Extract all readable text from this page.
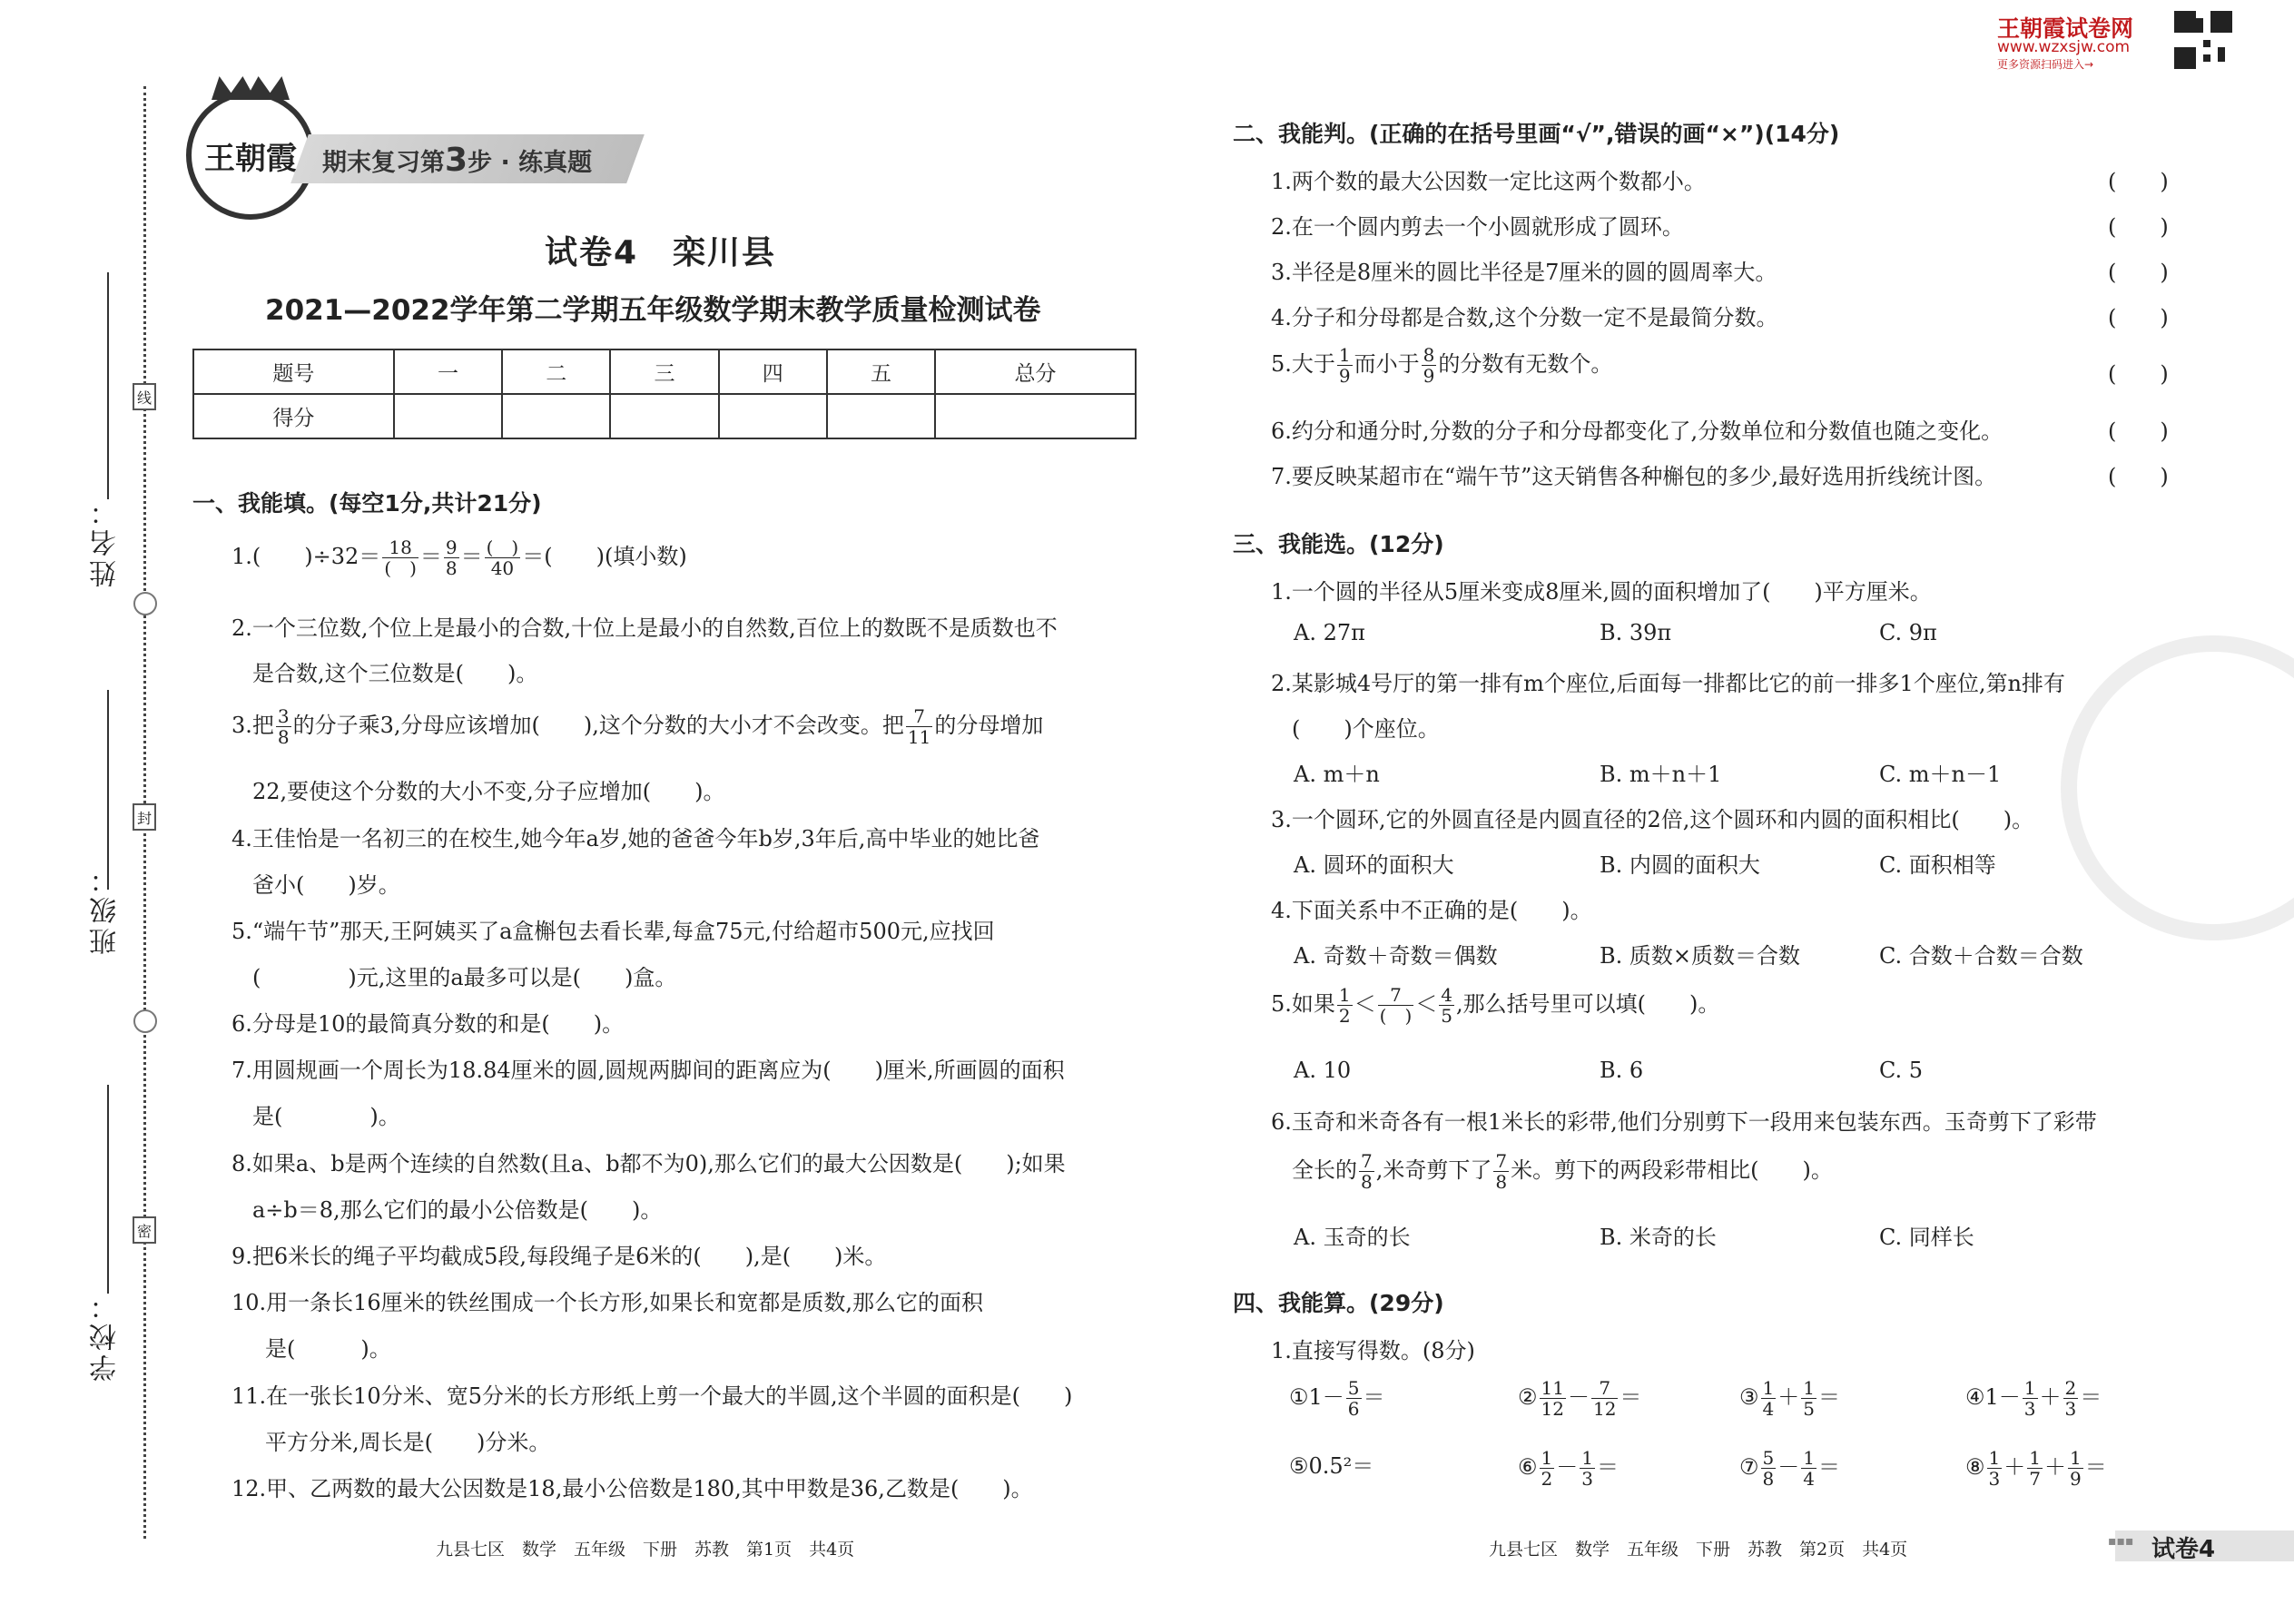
姓名：
班级：
学校：
线
封
密
王朝霞 期末复习第3步 · 练真题
王朝霞试卷网
www.wzxsjw.com
更多资源扫码进入→
试卷4　栾川县
2021—2022学年第二学期五年级数学期末教学质量检测试卷
题号	一	二	三	四	五	总分
得分						
一、我能填。(每空1分,共计21分)
1.(　　)$\div 32= \frac{18}{( )} = \frac{9}{8} = \frac{( )}{40}$ ＝(　　)(填小数)
2.一个三位数,个位上是最小的合数,十位上是最小的自然数,百位上的数既不是质数也不
是合数,这个三位数是(　　)。
3.把 $\frac{3}{8}$ 的分子乘3,分母应该增加(　　),这个分数的大小才不会改变。把 $\frac{7}{11}$ 的分母增加
22,要使这个分数的大小不变,分子应增加(　　)。
4.王佳怡是一名初三的在校生,她今年a岁,她的爸爸今年b岁,3年后,高中毕业的她比爸
爸小(　　)岁。
5.“端午节”那天,王阿姨买了a盒槲包去看长辈,每盒75元,付给超市500元,应找回
(　　　　)元,这里的a最多可以是(　　)盒。
6.分母是10的最简真分数的和是(　　)。
7.用圆规画一个周长为18.84厘米的圆,圆规两脚间的距离应为(　　)厘米,所画圆的面积
是(　　　　)。
8.如果a、b是两个连续的自然数(且a、b都不为0),那么它们的最大公因数是(　　);如果
a÷b＝8,那么它们的最小公倍数是(　　)。
9.把6米长的绳子平均截成5段,每段绳子是6米的(　　),是(　　)米。
10.用一条长16厘米的铁丝围成一个长方形,如果长和宽都是质数,那么它的面积
是(　　　)。
11.在一张长10分米、宽5分米的长方形纸上剪一个最大的半圆,这个半圆的面积是(　　)
平方分米,周长是(　　)分米。
12.甲、乙两数的最大公因数是18,最小公倍数是180,其中甲数是36,乙数是(　　)。
九县七区　数学　五年级　下册　苏教　第1页　共4页
二、我能判。(正确的在括号里画“√”,错误的画“×”)(14分)
1.两个数的最大公因数一定比这两个数都小。	(　　)
2.在一个圆内剪去一个小圆就形成了圆环。	(　　)
3.半径是8厘米的圆比半径是7厘米的圆的圆周率大。	(　　)
4.分子和分母都是合数,这个分数一定不是最简分数。	(　　)
5.大于 $\frac{1}{9}$ 而小于 $\frac{8}{9}$ 的分数有无数个。	(　　)
6.约分和通分时,分数的分子和分母都变化了,分数单位和分数值也随之变化。	(　　)
7.要反映某超市在“端午节”这天销售各种槲包的多少,最好选用折线统计图。	(　　)
三、我能选。(12分)
1.一个圆的半径从5厘米变成8厘米,圆的面积增加了(　　)平方厘米。
A. 27π	B. 39π	C. 9π
2.某影城4号厅的第一排有m个座位,后面每一排都比它的前一排多1个座位,第n排有
(　　)个座位。
A. m＋n	B. m＋n＋1	C. m＋n－1
3.一个圆环,它的外圆直径是内圆直径的2倍,这个圆环和内圆的面积相比(　　)。
A. 圆环的面积大	B. 内圆的面积大	C. 面积相等
4.下面关系中不正确的是(　　)。
A. 奇数＋奇数＝偶数	B. 质数×质数＝合数	C. 合数＋合数＝合数
5.如果 $\frac{1}{2} < \frac{7}{( )} < \frac{4}{5}$ ,那么括号里可以填(　　)。
A. 10	B. 6	C. 5
6.玉奇和米奇各有一根1米长的彩带,他们分别剪下一段用来包装东西。玉奇剪下了彩带
全长的 $\frac{7}{8}$ ,米奇剪下了 $\frac{7}{8}$ 米。剪下的两段彩带相比(　　)。
A. 玉奇的长	B. 米奇的长	C. 同样长
四、我能算。(29分)
1.直接写得数。(8分)
①1－ $\frac{5}{6}$ ＝	② $\frac{11}{12} - \frac{7}{12}$ ＝	③ $\frac{1}{4} + \frac{1}{5}$ ＝	④1－ $\frac{1}{3} + \frac{2}{3}$ ＝
⑤0.5²＝	⑥ $\frac{1}{2} - \frac{1}{3}$ ＝	⑦ $\frac{5}{8} - \frac{1}{4}$ ＝	⑧ $\frac{1}{3} + \frac{1}{7} + \frac{1}{9}$ ＝
九县七区　数学　五年级　下册　苏教　第2页　共4页	▪▪▪ 试卷4
